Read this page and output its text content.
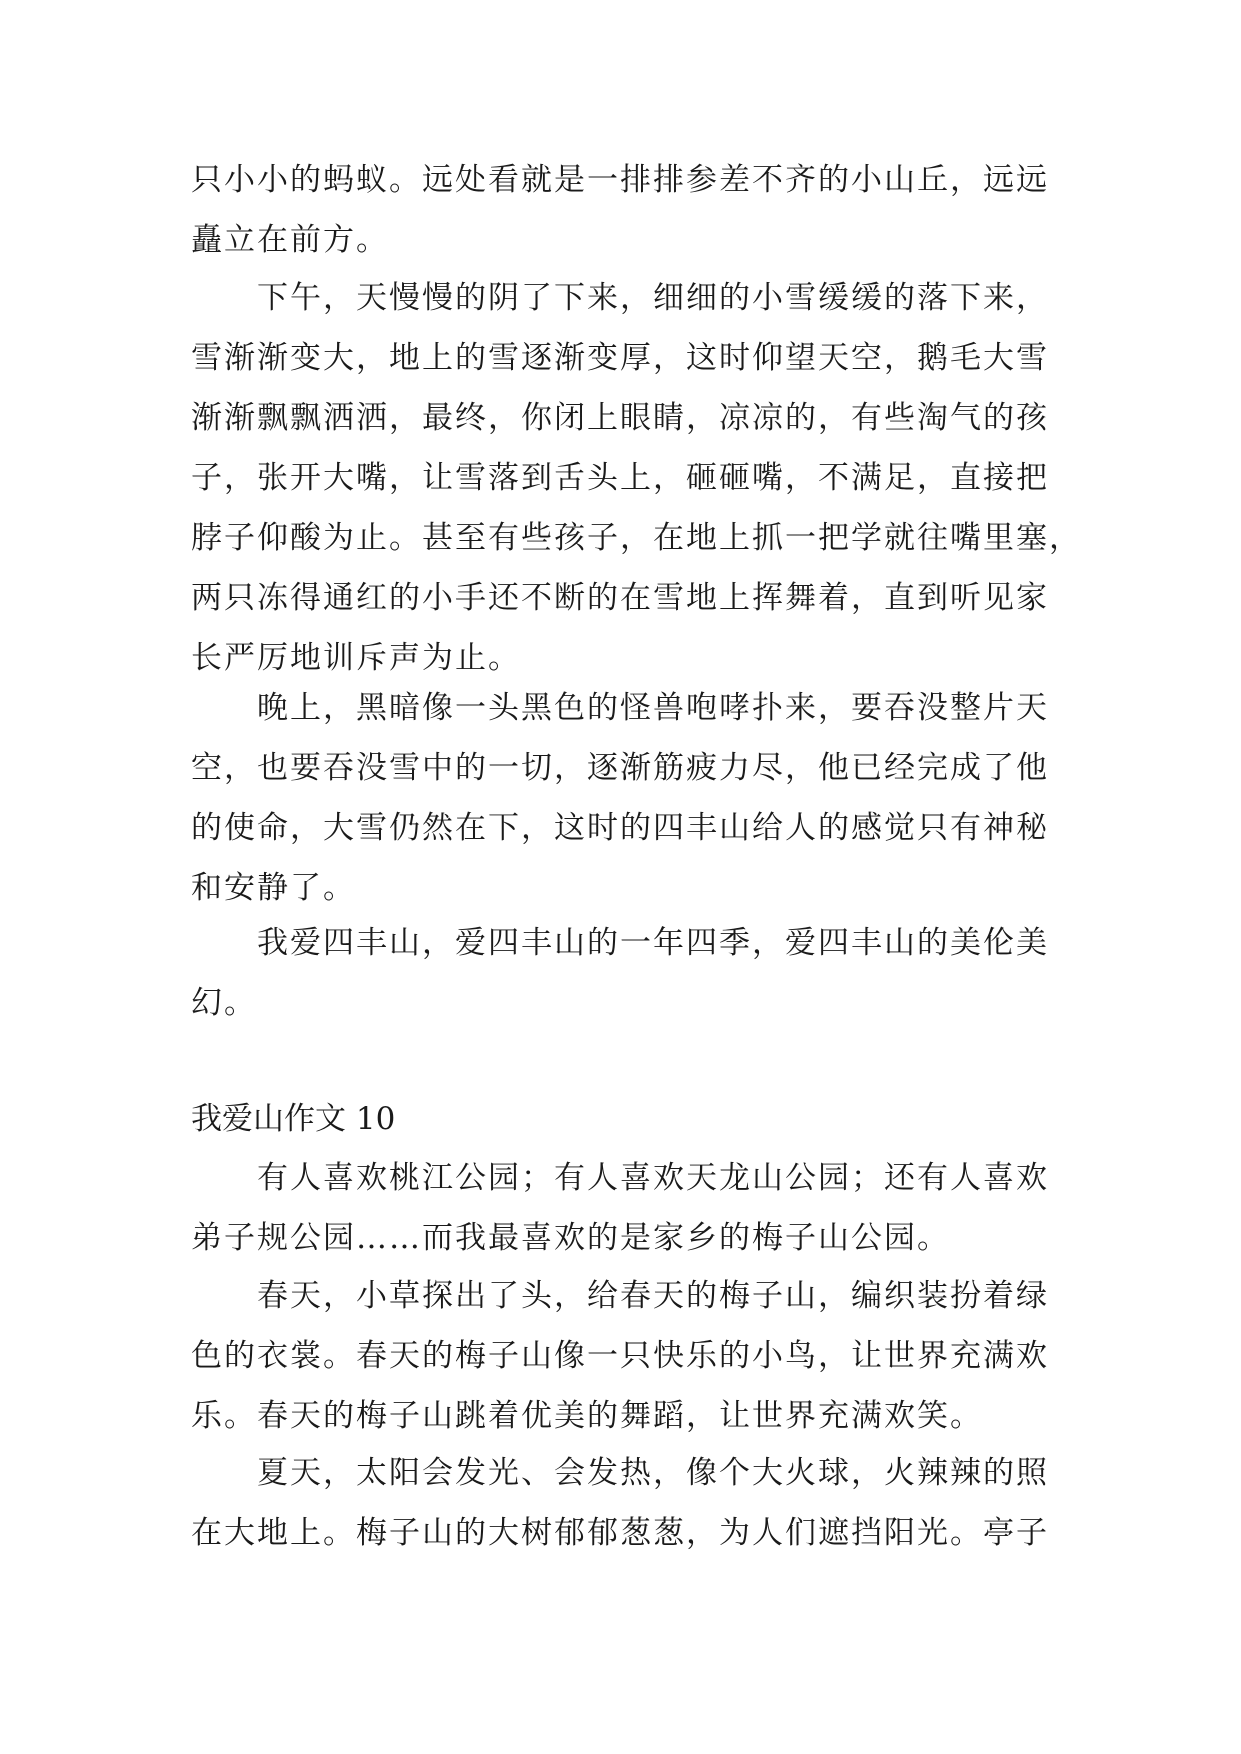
只小小的蚂蚁。远处看就是一排排参差不齐的小山丘，远远
矗立在前方。
下午，天慢慢的阴了下来，细细的小雪缓缓的落下来，
雪渐渐变大，地上的雪逐渐变厚，这时仰望天空，鹅毛大雪
渐渐飘飘洒洒，最终，你闭上眼睛，凉凉的，有些淘气的孩
子，张开大嘴，让雪落到舌头上，砸砸嘴，不满足，直接把
脖子仰酸为止。甚至有些孩子，在地上抓一把学就往嘴里塞，
两只冻得通红的小手还不断的在雪地上挥舞着，直到听见家
长严厉地训斥声为止。
晚上，黑暗像一头黑色的怪兽咆哮扑来，要吞没整片天
空，也要吞没雪中的一切，逐渐筋疲力尽，他已经完成了他
的使命，大雪仍然在下，这时的四丰山给人的感觉只有神秘
和安静了。
我爱四丰山，爱四丰山的一年四季，爱四丰山的美伦美
幻。
我爱山作文 10
有人喜欢桃江公园；有人喜欢天龙山公园；还有人喜欢
弟子规公园……而我最喜欢的是家乡的梅子山公园。
春天，小草探出了头，给春天的梅子山，编织装扮着绿
色的衣裳。春天的梅子山像一只快乐的小鸟，让世界充满欢
乐。春天的梅子山跳着优美的舞蹈，让世界充满欢笑。
夏天，太阳会发光、会发热，像个大火球，火辣辣的照
在大地上。梅子山的大树郁郁葱葱，为人们遮挡阳光。亭子
